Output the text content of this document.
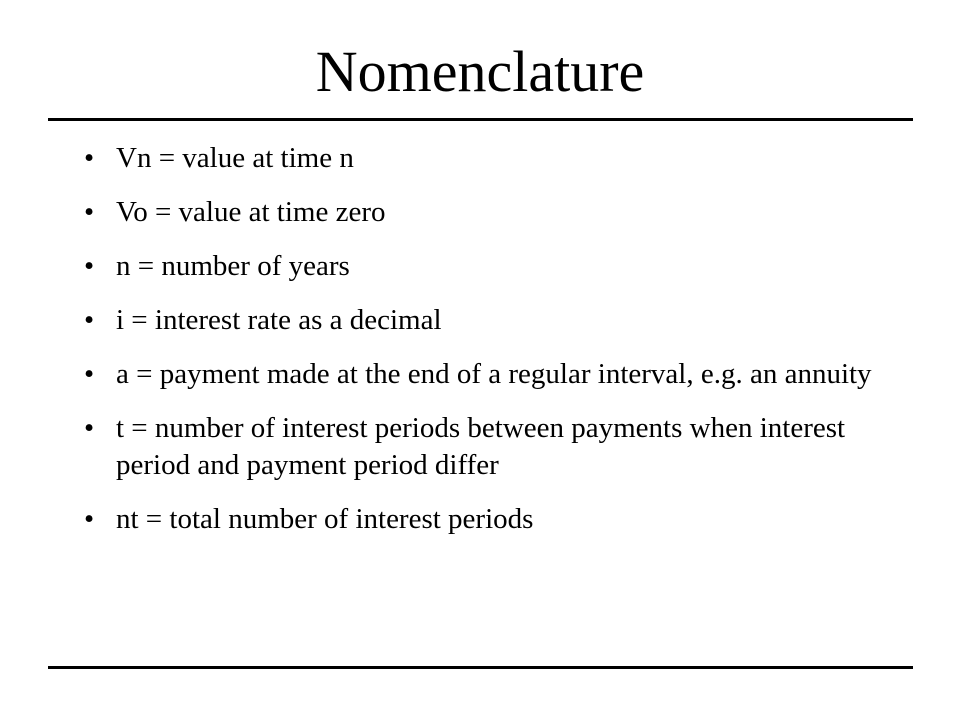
Nomenclature
• Vn = value at time n
• Vo = value at time zero
• n = number of years
• i = interest rate as a decimal
• a = payment made at the end of a regular interval, e.g. an annuity
• t = number of interest periods between payments when interest period and payment period differ
• nt = total number of interest periods
